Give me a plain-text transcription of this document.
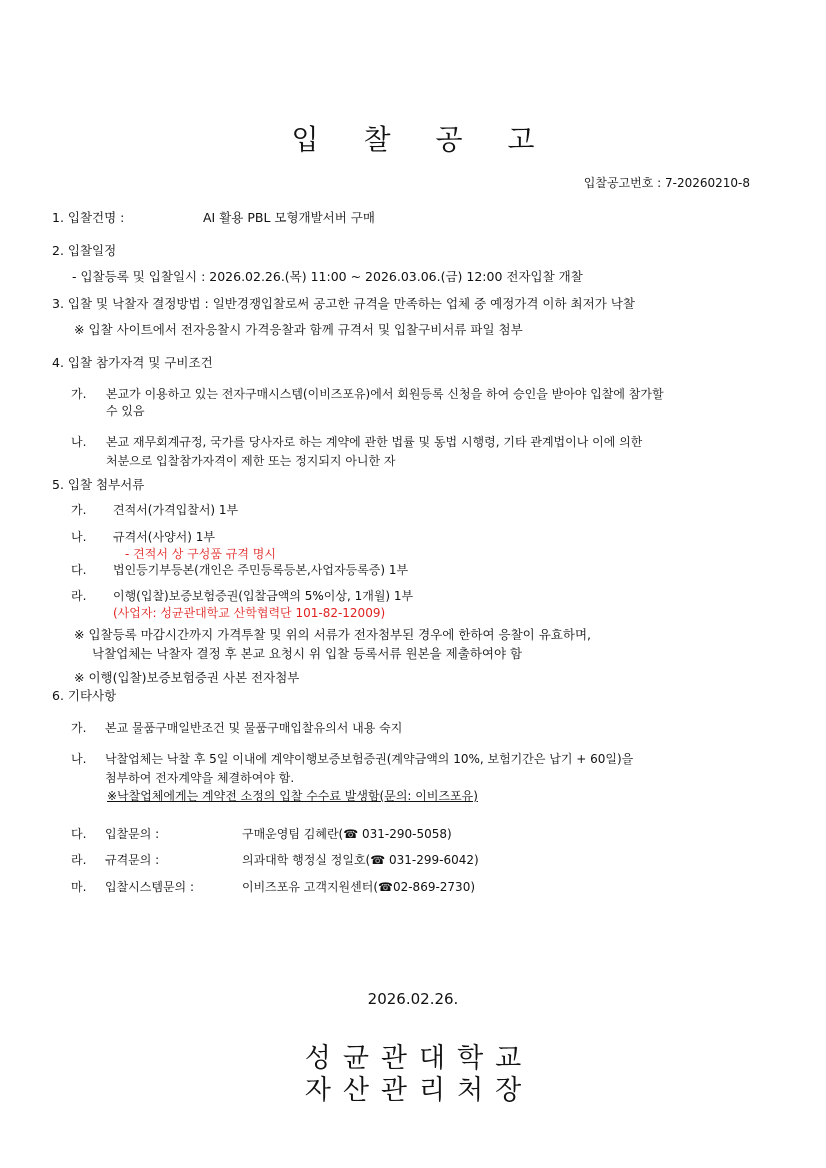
입 찰 공 고
입찰공고번호 : 7-20260210-8
1. 입찰건명 :	AI 활용 PBL 모형개발서버 구매
2. 입찰일정
- 입찰등록 및 입찰일시 : 2026.02.26.(목) 11:00 ~ 2026.03.06.(금) 12:00 전자입찰 개찰
3. 입찰 및 낙찰자 결정방법 : 일반경쟁입찰로써 공고한 규격을 만족하는 업체 중 예정가격 이하 최저가 낙찰
※ 입찰 사이트에서 전자응찰시 가격응찰과 함께 규격서 및 입찰구비서류 파일 첨부
4. 입찰 참가자격 및 구비조건
가. 본교가 이용하고 있는 전자구매시스템(이비즈포유)에서 회원등록 신청을 하여 승인을 받아야 입찰에 참가할
수 있음
나. 본교 재무회계규정, 국가를 당사자로 하는 계약에 관한 법률 및 동법 시행령, 기타 관계법이나 이에 의한
처분으로 입찰참가자격이 제한 또는 정지되지 아니한 자
5. 입찰 첨부서류
가. 견적서(가격입찰서) 1부
나. 규격서(사양서) 1부
- 견적서 상 구성품 규격 명시
다. 법인등기부등본(개인은 주민등록등본,사업자등록증) 1부
라. 이행(입찰)보증보험증권(입찰금액의 5%이상, 1개월) 1부
(사업자: 성균관대학교 산학협력단 101-82-12009)
※ 입찰등록 마감시간까지 가격투찰 및 위의 서류가 전자첨부된 경우에 한하여 응찰이 유효하며,
낙찰업체는 낙찰자 결정 후 본교 요청시 위 입찰 등록서류 원본을 제출하여야 함
※ 이행(입찰)보증보험증권 사본 전자첨부
6. 기타사항
가. 본교 물품구매일반조건 및 물품구매입찰유의서 내용 숙지
나. 낙찰업체는 낙찰 후 5일 이내에 계약이행보증보험증권(계약금액의 10%, 보험기간은 납기 + 60일)을
첨부하여 전자계약을 체결하여야 함.
※낙찰업체에게는 계약전 소정의 입찰 수수료 발생함(문의: 이비즈포유)
다. 입찰문의 :	구매운영팀 김혜란(☎ 031-290-5058)
라. 규격문의 :	의과대학 행정실 정일호(☎ 031-299-6042)
마. 입찰시스템문의 :	이비즈포유 고객지원센터(☎02-869-2730)
2026.02.26.
성균관대학교
자산관리처장
